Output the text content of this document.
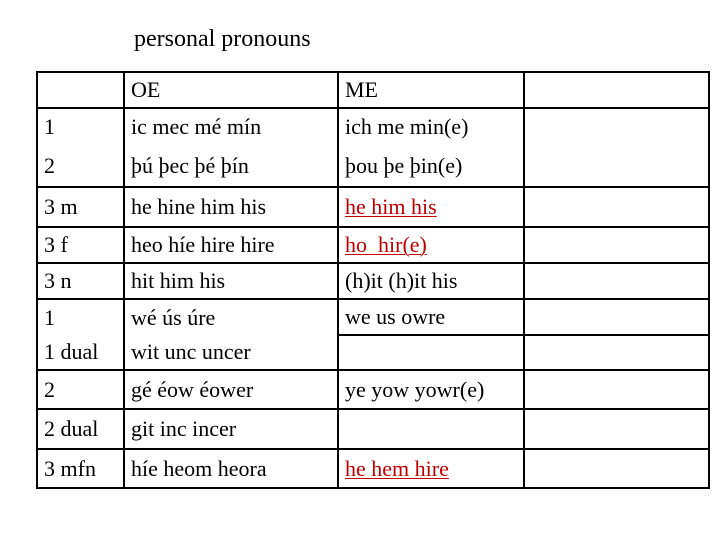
personal pronouns
	OE	ME	
1	ic mec mé mín	ich me min(e)	
2	þú þec þé þín	þou þe þin(e)	
3 m	he hine him his	he him his	
3 f	heo híe hire hire	ho  hir(e)	
3 n	hit him his	(h)it (h)it his	
1	wé ús úre	we us owre	
1 dual	wit unc uncer		
2	gé éow éower	ye yow yowr(e)	
2 dual	git inc incer		
3 mfn	híe heom heora	he hem hire	
